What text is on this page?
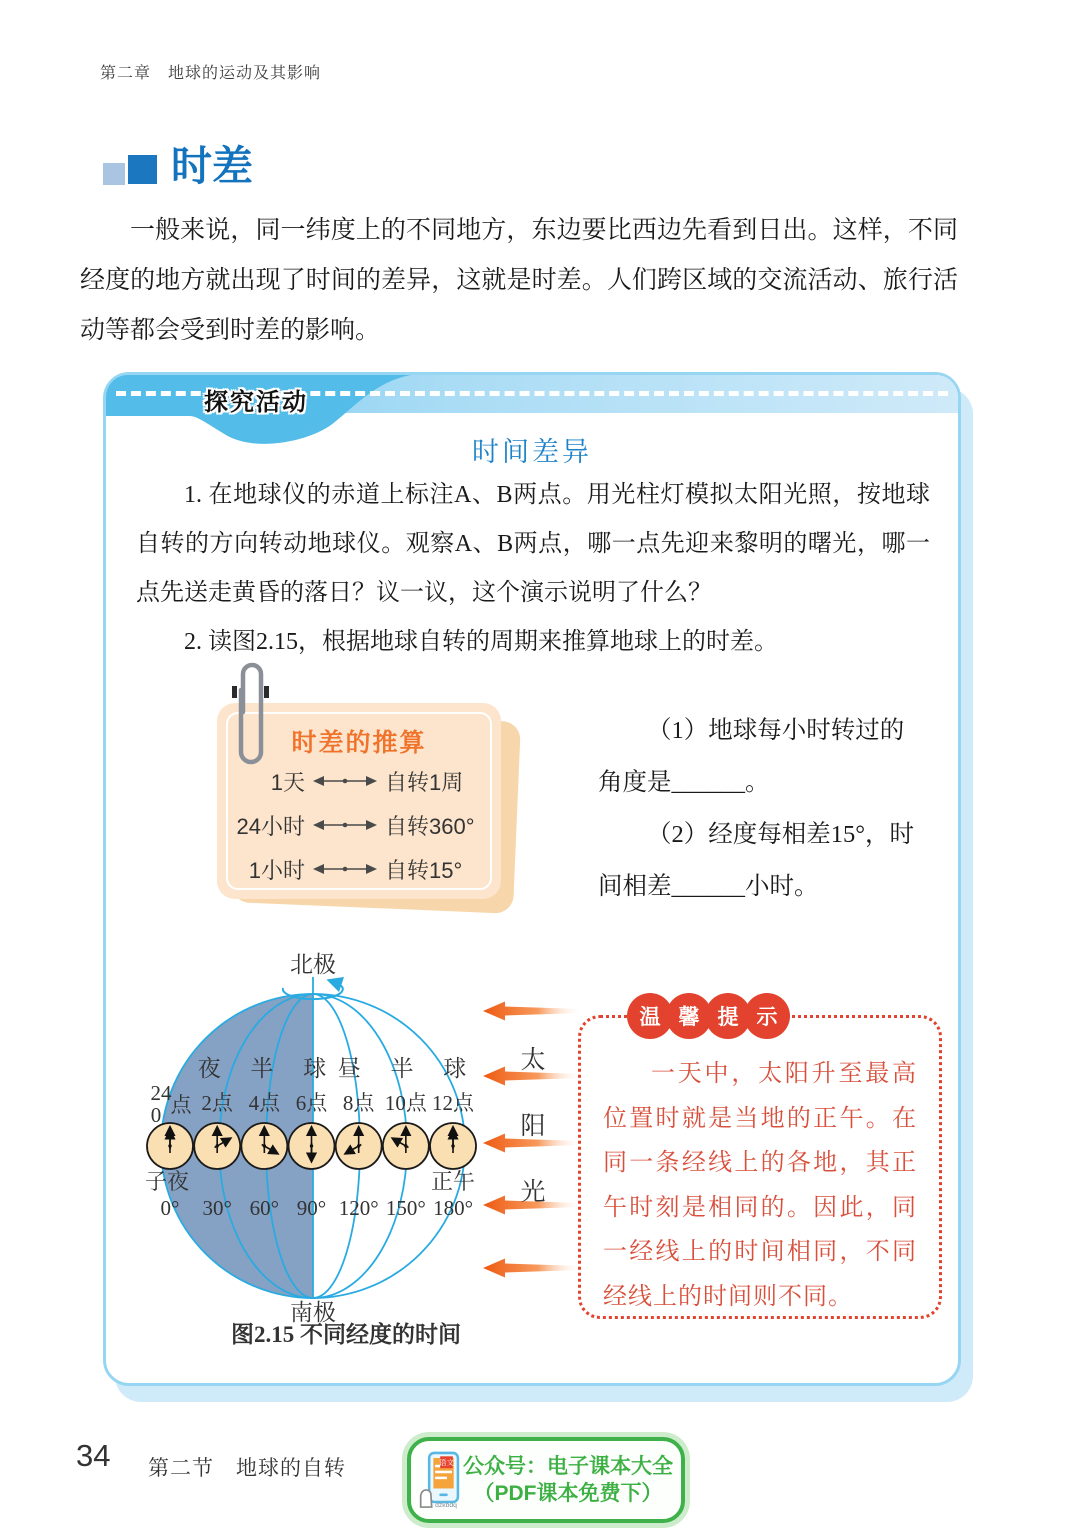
第二章　地球的运动及其影响
时差
一般来说，同一纬度上的不同地方，东边要比西边先看到日出。这样，不同经度的地方就出现了时间的差异，这就是时差。人们跨区域的交流活动、旅行活动等都会受到时差的影响。
探究活动
时间差异

1. 在地球仪的赤道上标注A、B两点。用光柱灯模拟太阳光照，按地球自转的方向转动地球仪。观察A、B两点，哪一点先迎来黎明的曙光，哪一点先送走黄昏的落日？议一议，这个演示说明了什么？

2. 读图2.15，根据地球自转的周期来推算地球上的时差。

时差的推算
1天	自转1周
24小时	自转360°
1小时	自转15°
（1）地球每小时转过的
角度是______。
（2）经度每相差15°，时
间相差______小时。
北极
南极
夜 半 球 昼 半 球
24
0 点
子夜	正午
0°
2点
30°
4点
60°
6点
90°
8点
120°
10点
150°
12点
180°
太
阳
光
图2.15 不同经度的时间
温 馨 提 示
一天中，太阳升至最高位置时就是当地的正午。在同一条经线上的各地，其正午时刻是相同的。因此，同一经线上的时间相同，不同经线上的时间则不同。
34 第二节　地球的自转	语文
dzkbdq
公众号：电子课本大全
（PDF课本免费下）
